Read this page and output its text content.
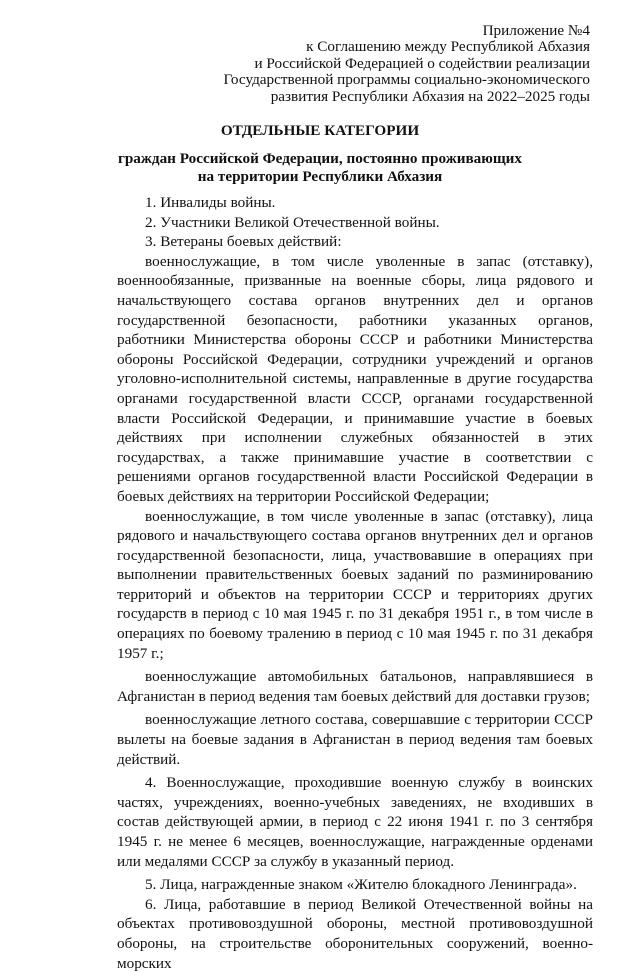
Приложение №4
к Соглашению между Республикой Абхазия
и Российской Федерацией о содействии реализации
Государственной программы социально-экономического
развития Республики Абхазия на 2022–2025 годы
ОТДЕЛЬНЫЕ КАТЕГОРИИ
граждан Российской Федерации, постоянно проживающих
на территории Республики Абхазия

1. Инвалиды войны.

2. Участники Великой Отечественной войны.

3. Ветераны боевых действий:

военнослужащие, в том числе уволенные в запас (отставку), военнообязанные, призванные на военные сборы, лица рядового и начальствующего состава органов внутренних дел и органов государственной безопасности, работники указанных органов, работники Министерства обороны СССР и работники Министерства обороны Российской Федерации, сотрудники учреждений и органов уголовно-исполнительной системы, направленные в другие государства органами государственной власти СССР, органами государственной власти Российской Федерации, и принимавшие участие в боевых действиях при исполнении служебных обязанностей в этих государствах, а также принимавшие участие в соответствии с решениями органов государственной власти Российской Федерации в боевых действиях на территории Российской Федерации;

военнослужащие, в том числе уволенные в запас (отставку), лица рядового и начальствующего состава органов внутренних дел и органов государственной безопасности, лица, участвовавшие в операциях при выполнении правительственных боевых заданий по разминированию территорий и объектов на территории СССР и территориях других государств в период с 10 мая 1945 г. по 31 декабря 1951 г., в том числе в операциях по боевому тралению в период с 10 мая 1945 г. по 31 декабря 1957 г.;

военнослужащие автомобильных батальонов, направлявшиеся в Афганистан в период ведения там боевых действий для доставки грузов;

военнослужащие летного состава, совершавшие с территории СССР вылеты на боевые задания в Афганистан в период ведения там боевых действий.

4. Военнослужащие, проходившие военную службу в воинских частях, учреждениях, военно-учебных заведениях, не входивших в состав действующей армии, в период с 22 июня 1941 г. по 3 сентября 1945 г. не менее 6 месяцев, военнослужащие, награжденные орденами или медалями СССР за службу в указанный период.

5. Лица, награжденные знаком «Жителю блокадного Ленинграда».

6. Лица, работавшие в период Великой Отечественной войны на объектах противовоздушной обороны, местной противовоздушной обороны, на строительстве оборонительных сооружений, военно-морских
